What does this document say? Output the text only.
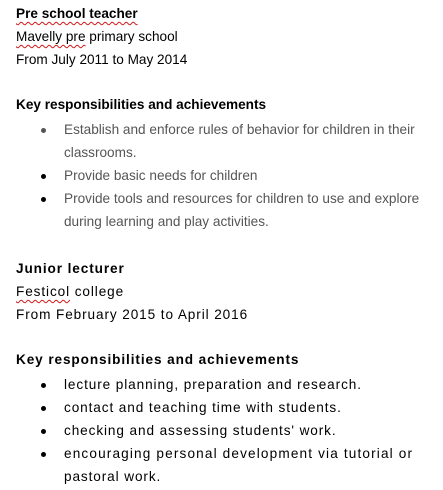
Pre school teacher
Mavelly pre primary school
From July 2011 to May 2014
Key responsibilities and achievements
Establish and enforce rules of behavior for children in their
classrooms.
Provide basic needs for children
Provide tools and resources for children to use and explore
during learning and play activities.
Junior lecturer
Festicol college
From February 2015 to April 2016
Key responsibilities and achievements
lecture planning, preparation and research.
contact and teaching time with students.
checking and assessing students' work.
encouraging personal development via tutorial or
pastoral work.
